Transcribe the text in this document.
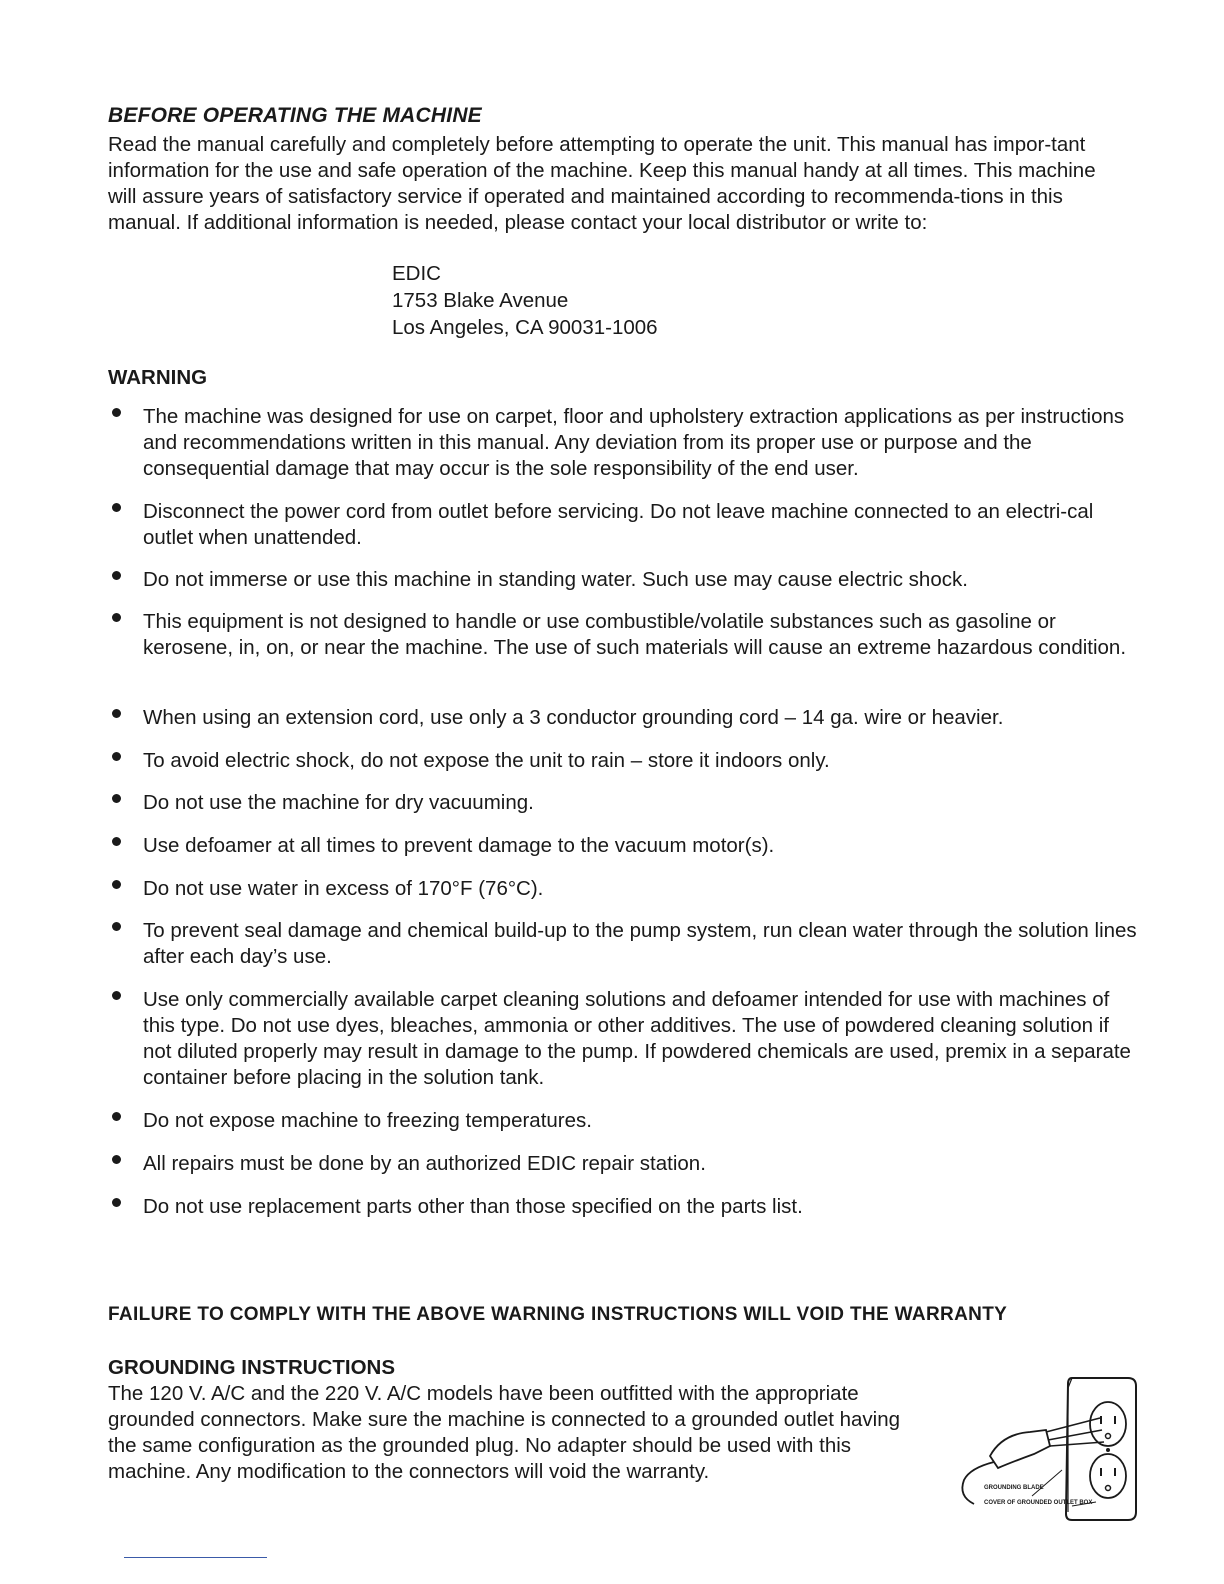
BEFORE OPERATING THE MACHINE

Read the manual carefully and completely before attempting to operate the unit. This manual has impor-tant information for the use and safe operation of the machine. Keep this manual handy at all times. This machine will assure years of satisfactory service if operated and maintained according to recommenda-tions in this manual. If additional information is needed, please contact your local distributor or write to:

EDIC
1753 Blake Avenue
Los Angeles, CA 90031-1006
WARNING
The machine was designed for use on carpet, floor and upholstery extraction applications as per instructions and recommendations written in this manual. Any deviation from its proper use or purpose and the consequential damage that may occur is the sole responsibility of the end user.
Disconnect the power cord from outlet before servicing. Do not leave machine connected to an electri-cal outlet when unattended.
Do not immerse or use this machine in standing water. Such use may cause electric shock.
This equipment is not designed to handle or use combustible/volatile substances such as gasoline or kerosene, in, on, or near the machine. The use of such materials will cause an extreme hazardous condition.
When using an extension cord, use only a 3 conductor grounding cord – 14 ga. wire or heavier.
To avoid electric shock, do not expose the unit to rain – store it indoors only.
Do not use the machine for dry vacuuming.
Use defoamer at all times to prevent damage to the vacuum motor(s).
Do not use water in excess of 170°F (76°C).
To prevent seal damage and chemical build-up to the pump system, run clean water through the solution lines after each day’s use.
Use only commercially available carpet cleaning solutions and defoamer intended for use with machines of this type. Do not use dyes, bleaches, ammonia or other additives. The use of powdered cleaning solution if not diluted properly may result in damage to the pump. If powdered chemicals are used, premix in a separate container before placing in the solution tank.
Do not expose machine to freezing temperatures.
All repairs must be done by an authorized EDIC repair station.
Do not use replacement parts other than those specified on the parts list.
FAILURE TO COMPLY WITH THE ABOVE WARNING INSTRUCTIONS WILL VOID THE WARRANTY
GROUNDING INSTRUCTIONS

The 120 V. A/C and the 220 V. A/C models have been outfitted with the appropriate grounded connectors. Make sure the machine is connected to a grounded outlet having the same configuration as the grounded plug. No adapter should be used with this machine. Any modification to the connectors will void the warranty.

GROUNDING BLADE
COVER OF GROUNDED OUTLET BOX
